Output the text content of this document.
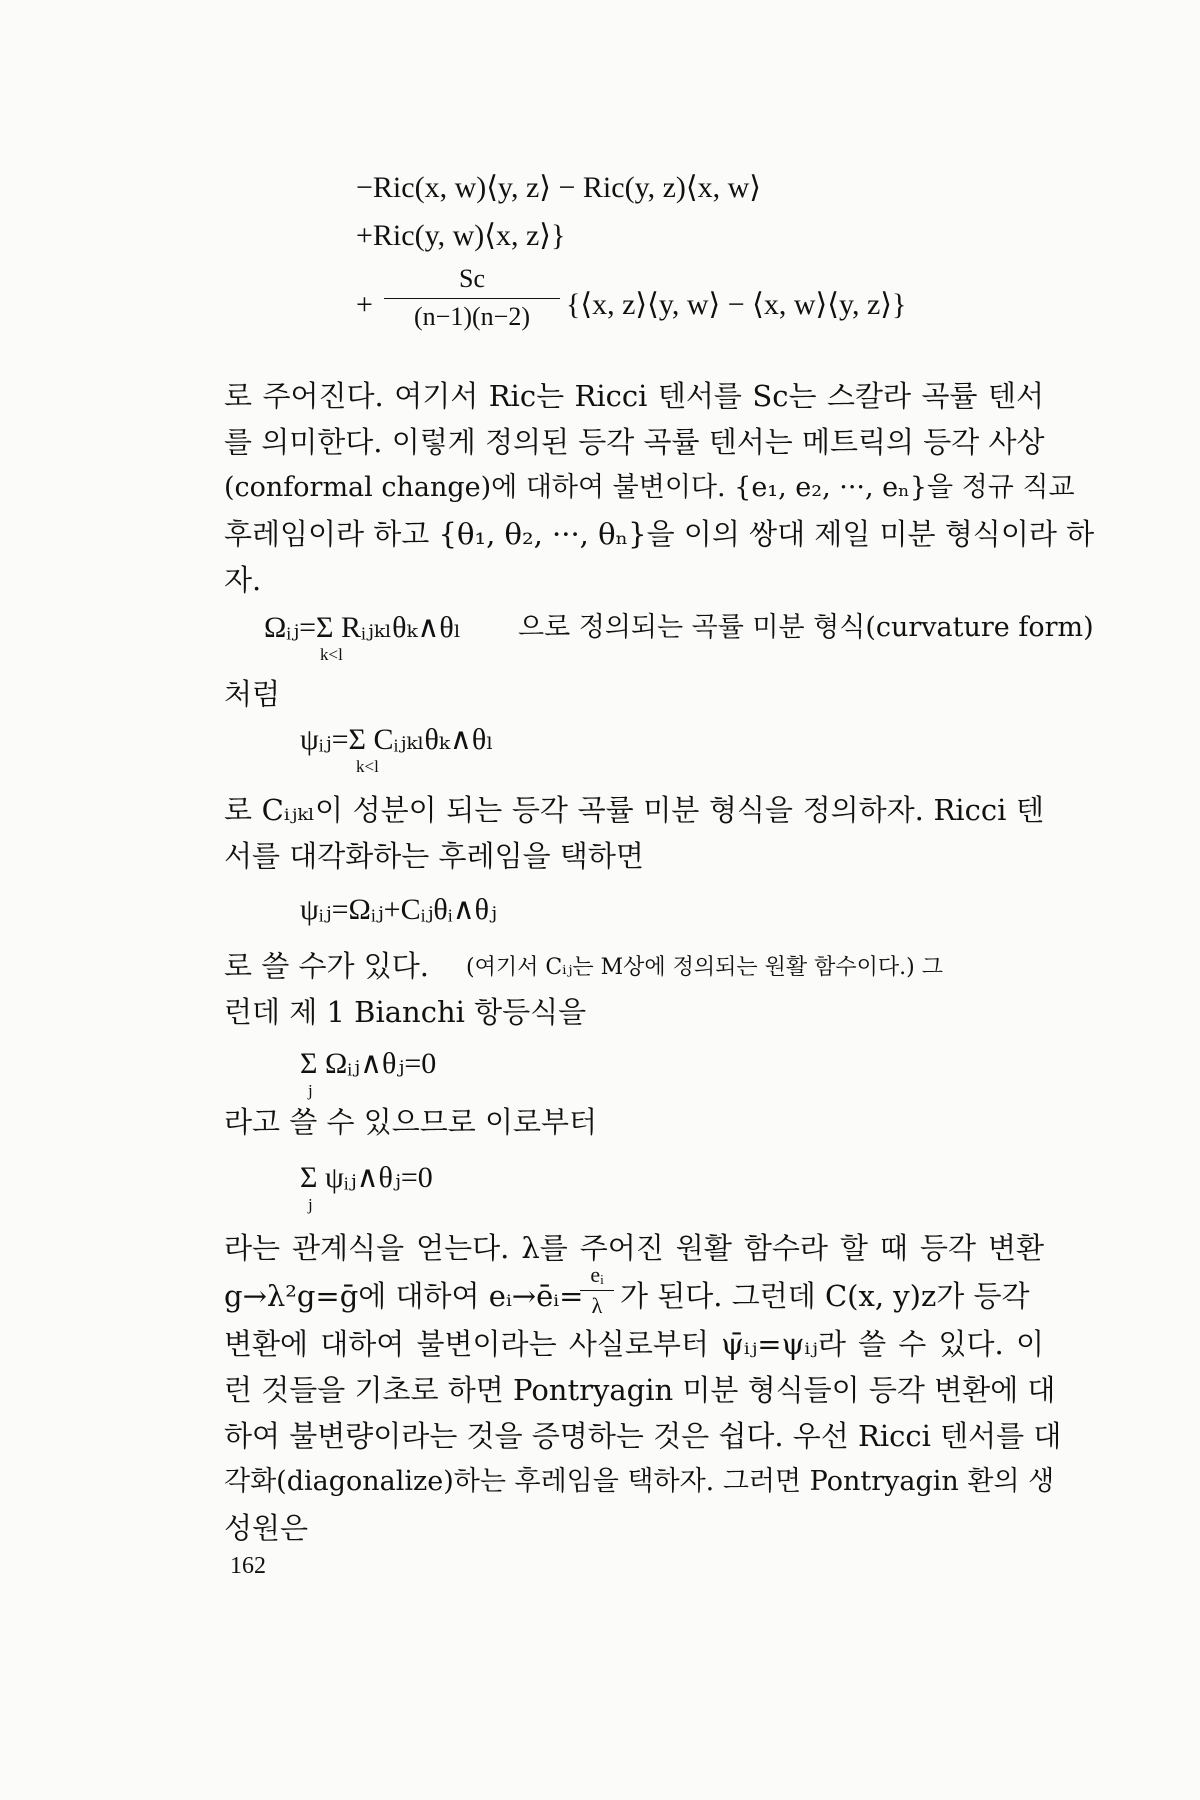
−Ric(x, w)⟨y, z⟩ − Ric(y, z)⟨x, w⟩
+Ric(y, w)⟨x, z⟩}
+
Sc
(n−1)(n−2)	{⟨x, z⟩⟨y, w⟩ − ⟨x, w⟩⟨y, z⟩}
로 주어진다. 여기서 Ric는 Ricci 텐서를 Sc는 스칼라 곡률 텐서
를 의미한다. 이렇게 정의된 등각 곡률 텐서는 메트릭의 등각 사상
(conformal change)에 대하여 불변이다. {e₁, e₂, ···, eₙ}을 정규 직교
후레임이라 하고 {θ₁, θ₂, ···, θₙ}을 이의 쌍대 제일 미분 형식이라 하
자.
Ωᵢⱼ=Σ Rᵢⱼₖₗθₖ∧θₗ
k<l
으로 정의되는 곡률 미분 형식(curvature form)
처럼
ψᵢⱼ=Σ Cᵢⱼₖₗθₖ∧θₗ
k<l
로 Cᵢⱼₖₗ이 성분이 되는 등각 곡률 미분 형식을 정의하자. Ricci 텐
서를 대각화하는 후레임을 택하면
ψᵢⱼ=Ωᵢⱼ+Cᵢⱼθᵢ∧θⱼ
로 쓸 수가 있다. (여기서 Cᵢⱼ는 M상에 정의되는 원활 함수이다.) 그
런데 제 1 Bianchi 항등식을
Σ Ωᵢⱼ∧θⱼ=0
j
라고 쓸 수 있으므로 이로부터
Σ ψᵢⱼ∧θⱼ=0
j
라는 관계식을 얻는다. λ를 주어진 원활 함수라 할 때 등각 변환
g→λ²g=ḡ에 대하여 eᵢ→ēᵢ=
eᵢ
λ 가 된다. 그런데 C(x, y)z가 등각
변환에 대하여 불변이라는 사실로부터 ψ̄ᵢⱼ=ψᵢⱼ라 쓸 수 있다. 이
런 것들을 기초로 하면 Pontryagin 미분 형식들이 등각 변환에 대
하여 불변량이라는 것을 증명하는 것은 쉽다. 우선 Ricci 텐서를 대
각화(diagonalize)하는 후레임을 택하자. 그러면 Pontryagin 환의 생
성원은
162
